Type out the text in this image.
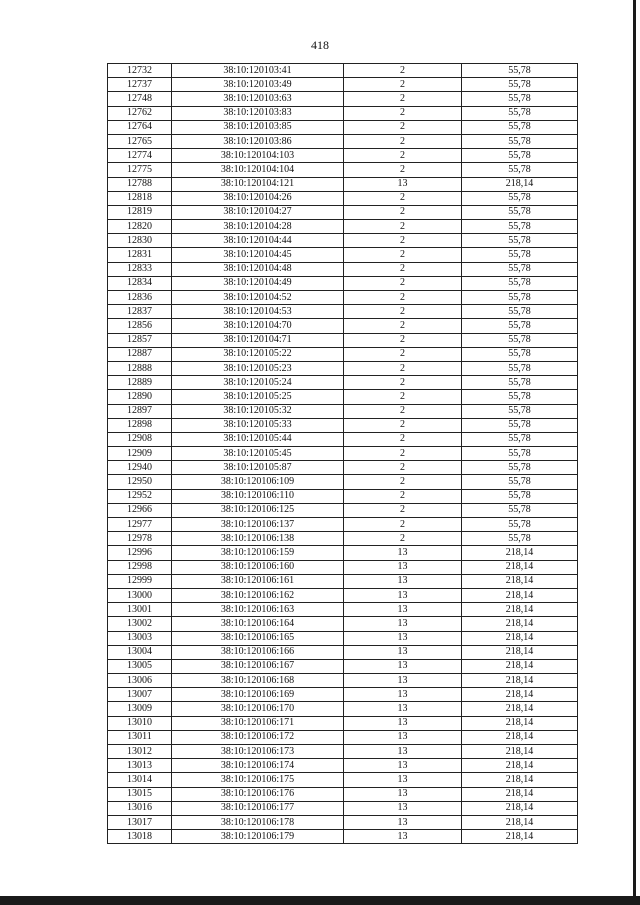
418
12732	38:10:120103:41	2	55,78
12737	38:10:120103:49	2	55,78
12748	38:10:120103:63	2	55,78
12762	38:10:120103:83	2	55,78
12764	38:10:120103:85	2	55,78
12765	38:10:120103:86	2	55,78
12774	38:10:120104:103	2	55,78
12775	38:10:120104:104	2	55,78
12788	38:10:120104:121	13	218,14
12818	38:10:120104:26	2	55,78
12819	38:10:120104:27	2	55,78
12820	38:10:120104:28	2	55,78
12830	38:10:120104:44	2	55,78
12831	38:10:120104:45	2	55,78
12833	38:10:120104:48	2	55,78
12834	38:10:120104:49	2	55,78
12836	38:10:120104:52	2	55,78
12837	38:10:120104:53	2	55,78
12856	38:10:120104:70	2	55,78
12857	38:10:120104:71	2	55,78
12887	38:10:120105:22	2	55,78
12888	38:10:120105:23	2	55,78
12889	38:10:120105:24	2	55,78
12890	38:10:120105:25	2	55,78
12897	38:10:120105:32	2	55,78
12898	38:10:120105:33	2	55,78
12908	38:10:120105:44	2	55,78
12909	38:10:120105:45	2	55,78
12940	38:10:120105:87	2	55,78
12950	38:10:120106:109	2	55,78
12952	38:10:120106:110	2	55,78
12966	38:10:120106:125	2	55,78
12977	38:10:120106:137	2	55,78
12978	38:10:120106:138	2	55,78
12996	38:10:120106:159	13	218,14
12998	38:10:120106:160	13	218,14
12999	38:10:120106:161	13	218,14
13000	38:10:120106:162	13	218,14
13001	38:10:120106:163	13	218,14
13002	38:10:120106:164	13	218,14
13003	38:10:120106:165	13	218,14
13004	38:10:120106:166	13	218,14
13005	38:10:120106:167	13	218,14
13006	38:10:120106:168	13	218,14
13007	38:10:120106:169	13	218,14
13009	38:10:120106:170	13	218,14
13010	38:10:120106:171	13	218,14
13011	38:10:120106:172	13	218,14
13012	38:10:120106:173	13	218,14
13013	38:10:120106:174	13	218,14
13014	38:10:120106:175	13	218,14
13015	38:10:120106:176	13	218,14
13016	38:10:120106:177	13	218,14
13017	38:10:120106:178	13	218,14
13018	38:10:120106:179	13	218,14
